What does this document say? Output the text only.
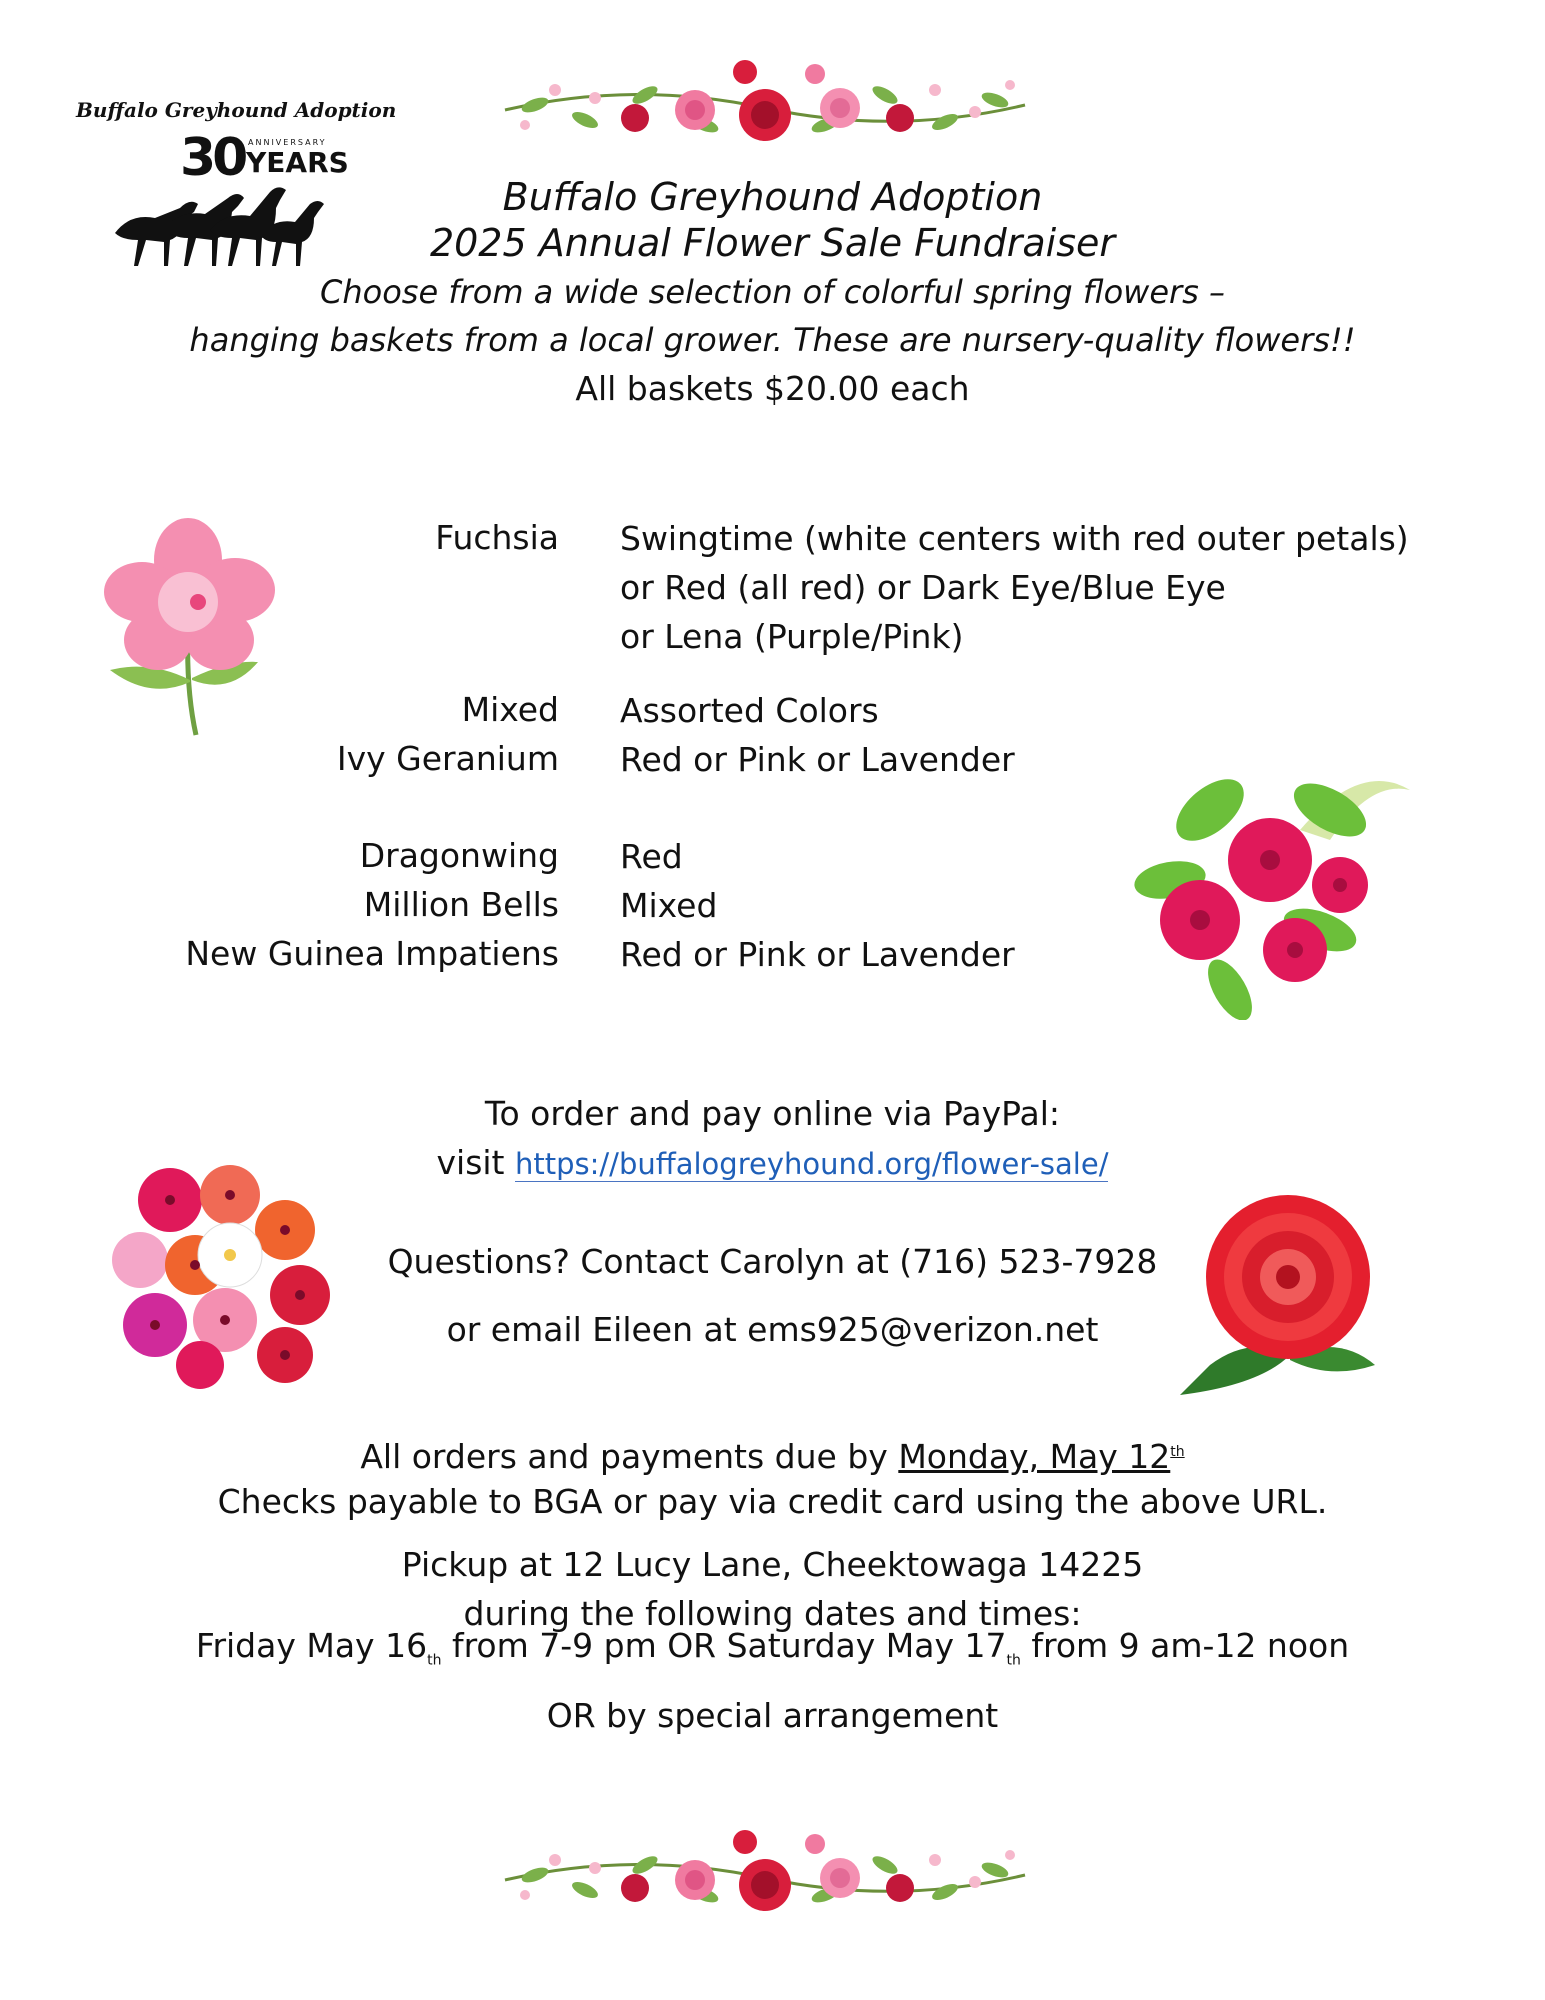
Buffalo Greyhound Adoption
30 ANNIVERSARY
YEARS
Buffalo Greyhound Adoption
2025 Annual Flower Sale Fundraiser
Choose from a wide selection of colorful spring flowers –
hanging baskets from a local grower. These are nursery-quality flowers!!
All baskets $20.00 each
Fuchsia Swingtime (white centers with red outer petals)
or Red (all red) or Dark Eye/Blue Eye
or Lena (Purple/Pink)
Mixed Assorted Colors
Ivy Geranium Red or Pink or Lavender
Dragonwing Red
Million Bells Mixed
New Guinea Impatiens Red or Pink or Lavender
To order and pay online via PayPal:
visit https://buffalogreyhound.org/flower-sale/
Questions? Contact Carolyn at (716) 523-7928
or email Eileen at ems925@verizon.net
All orders and payments due by Monday, May 12th
Checks payable to BGA or pay via credit card using the above URL.
Pickup at 12 Lucy Lane, Cheektowaga 14225
during the following dates and times:
Friday May $16_{th}$ from 7-9 pm OR Saturday May $17_{th}$ from 9 am-12 noon
OR by special arrangement
